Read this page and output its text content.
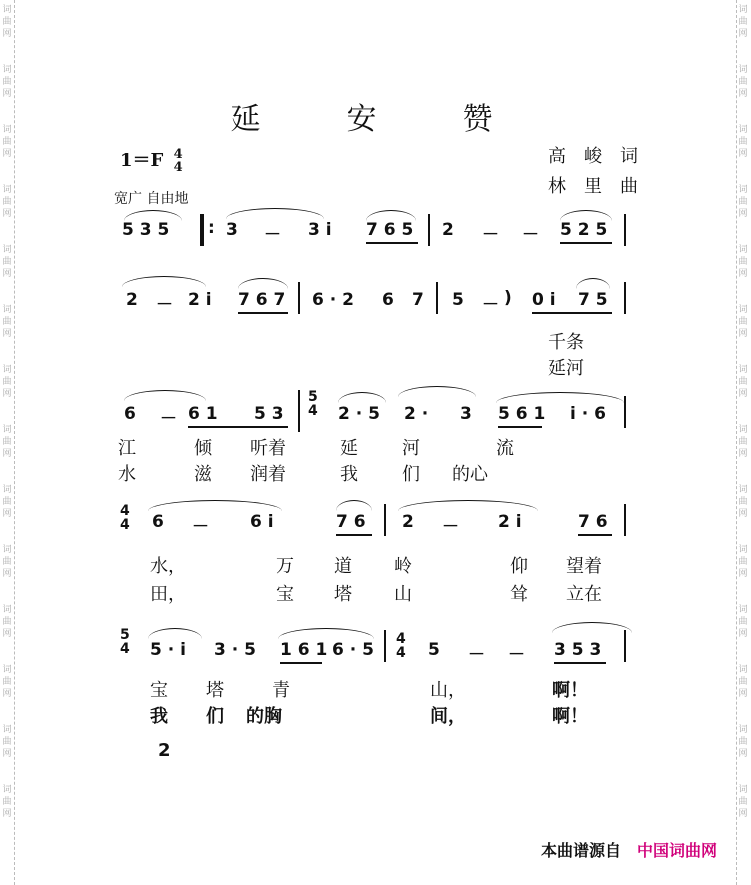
延　安　赞
1＝F 4
4
高　峻　词
林　里　曲
宽广 自由地
5 3 5 : 3 － 3 i 7 6 5 2 － － 5 2 5
2 － 2 i 7 6 7 6 · 2 6 7 5 － ) 0 i 7 5
千条
延河
6 － 6 1 5 3
5
4 2 · 5 2 · 3 5 6 1 i · 6
江	倾 听着	延 河	流
水	滋 润着	我 们 的心
4
4 6 － 6 i	7 6 2 － 2 i	7 6
水，	万 道 岭	仰 望着
田，	宝 塔 山	耸 立在
5
4 5 · i 3 · 5 1 6 1 6 · 5
4
4 5 － － 3 5 3
宝 塔	青	山，	啊！
我 们 的胸	间，	啊！
2
本曲谱源自 中国词曲网
词
曲
网
词
曲
网
词
曲
网
词
曲
网
词
曲
网
词
曲
网
词
曲
网
词
曲
网
词
曲
网
词
曲
网
词
曲
网
词
曲
网
词
曲
网
词
曲
网
词
曲
网
词
曲
网
词
曲
网
词
曲
网
词
曲
网
词
曲
网
词
曲
网
词
曲
网
词
曲
网
词
曲
网
词
曲
网
词
曲
网
词
曲
网
词
曲
网
